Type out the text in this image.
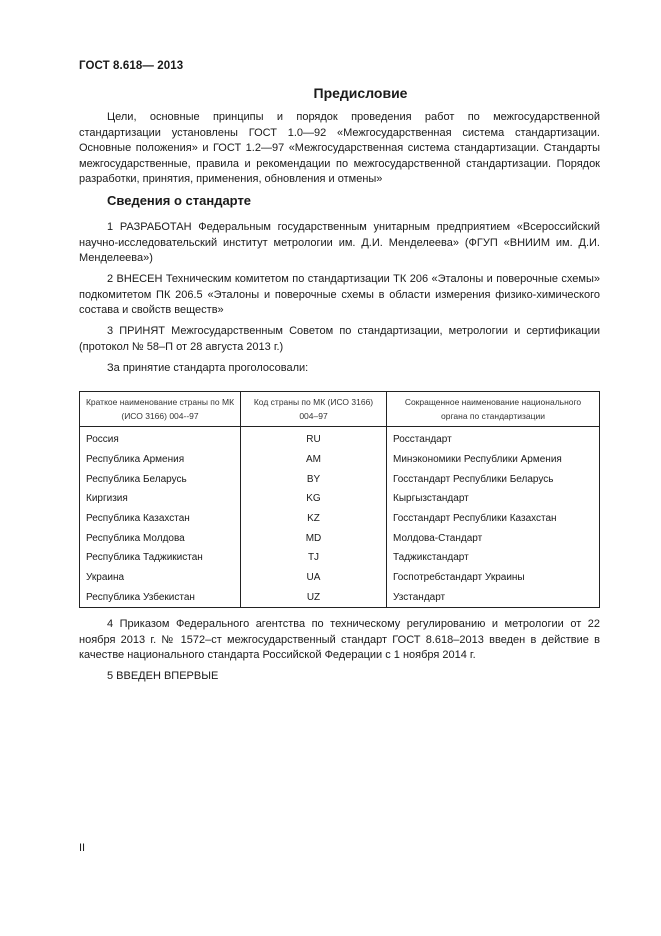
ГОСТ 8.618— 2013
Предисловие
Цели, основные принципы и порядок проведения работ по межгосударственной стандартизации установлены ГОСТ 1.0—92 «Межгосударственная система стандартизации. Основные положения» и ГОСТ 1.2—97 «Межгосударственная система стандартизации. Стандарты межгосударственные, правила и рекомендации по межгосударственной стандартизации. Порядок разработки, принятия, применения, обновления и отмены»
Сведения о стандарте
1 РАЗРАБОТАН Федеральным государственным унитарным предприятием «Всероссийский научно-исследовательский институт метрологии им. Д.И. Менделеева» (ФГУП «ВНИИМ им. Д.И. Менделеева»)
2 ВНЕСЕН Техническим комитетом по стандартизации ТК 206 «Эталоны и поверочные схемы» подкомитетом ПК 206.5 «Эталоны и поверочные схемы в области измерения физико-химического состава и свойств веществ»
3 ПРИНЯТ Межгосударственным Советом по стандартизации, метрологии и сертификации (протокол № 58–П от 28 августа 2013 г.)
За принятие стандарта проголосовали:
Краткое наименование страны по МК (ИСО 3166) 004--97	Код страны по МК (ИСО 3166) 004–97	Сокращенное наименование национального органа по стандартизации
Россия	RU	Росстандарт
Республика Армения	AM	Минэкономики Республики Армения
Республика Беларусь	BY	Госстандарт Республики Беларусь
Киргизия	KG	Кыргызстандарт
Республика Казахстан	KZ	Госстандарт Республики Казахстан
Республика Молдова	MD	Молдова-Стандарт
Республика Таджикистан	TJ	Таджикстандарт
Украина	UA	Госпотребстандарт Украины
Республика Узбекистан	UZ	Узстандарт
4 Приказом Федерального агентства по техническому регулированию и метрологии от 22 ноября 2013 г. № 1572–ст межгосударственный стандарт ГОСТ 8.618–2013 введен в действие в качестве национального стандарта Российской Федерации с 1 ноября 2014 г.
5 ВВЕДЕН ВПЕРВЫЕ
II
